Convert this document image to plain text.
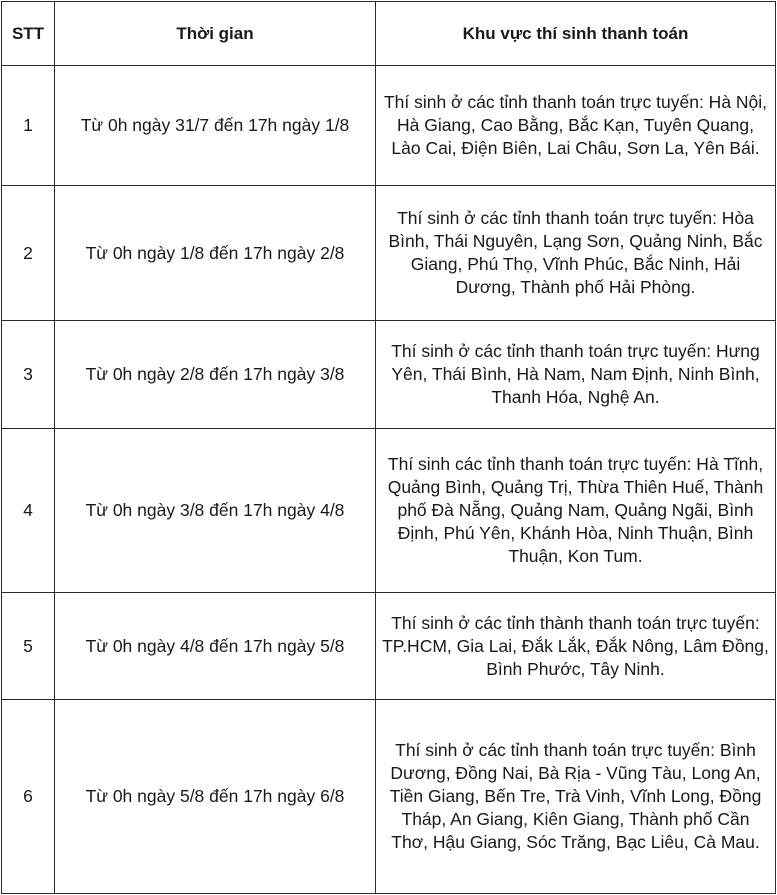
STT	Thời gian	Khu vực thí sinh thanh toán
1	Từ 0h ngày 31/7 đến 17h ngày 1/8	Thí sinh ở các tỉnh thanh toán trực tuyến: Hà Nội, Hà Giang, Cao Bằng, Bắc Kạn, Tuyên Quang, Lào Cai, Điện Biên, Lai Châu, Sơn La, Yên Bái.
2	Từ 0h ngày 1/8 đến 17h ngày 2/8	Thí sinh ở các tỉnh thanh toán trực tuyến: Hòa Bình, Thái Nguyên, Lạng Sơn, Quảng Ninh, Bắc Giang, Phú Thọ, Vĩnh Phúc, Bắc Ninh, Hải Dương, Thành phố Hải Phòng.
3	Từ 0h ngày 2/8 đến 17h ngày 3/8	Thí sinh ở các tỉnh thanh toán trực tuyến: Hưng Yên, Thái Bình, Hà Nam, Nam Định, Ninh Bình, Thanh Hóa, Nghệ An.
4	Từ 0h ngày 3/8 đến 17h ngày 4/8	Thí sinh các tỉnh thanh toán trực tuyến: Hà Tĩnh, Quảng Bình, Quảng Trị, Thừa Thiên Huế, Thành phố Đà Nẵng, Quảng Nam, Quảng Ngãi, Bình Định, Phú Yên, Khánh Hòa, Ninh Thuận, Bình Thuận, Kon Tum.
5	Từ 0h ngày 4/8 đến 17h ngày 5/8	Thí sinh ở các tỉnh thành thanh toán trực tuyến: TP.HCM, Gia Lai, Đắk Lắk, Đắk Nông, Lâm Đồng, Bình Phước, Tây Ninh.
6	Từ 0h ngày 5/8 đến 17h ngày 6/8	Thí sinh ở các tỉnh thanh toán trực tuyến: Bình Dương, Đồng Nai, Bà Rịa - Vũng Tàu, Long An, Tiền Giang, Bến Tre, Trà Vinh, Vĩnh Long, Đồng Tháp, An Giang, Kiên Giang, Thành phố Cần Thơ, Hậu Giang, Sóc Trăng, Bạc Liêu, Cà Mau.
